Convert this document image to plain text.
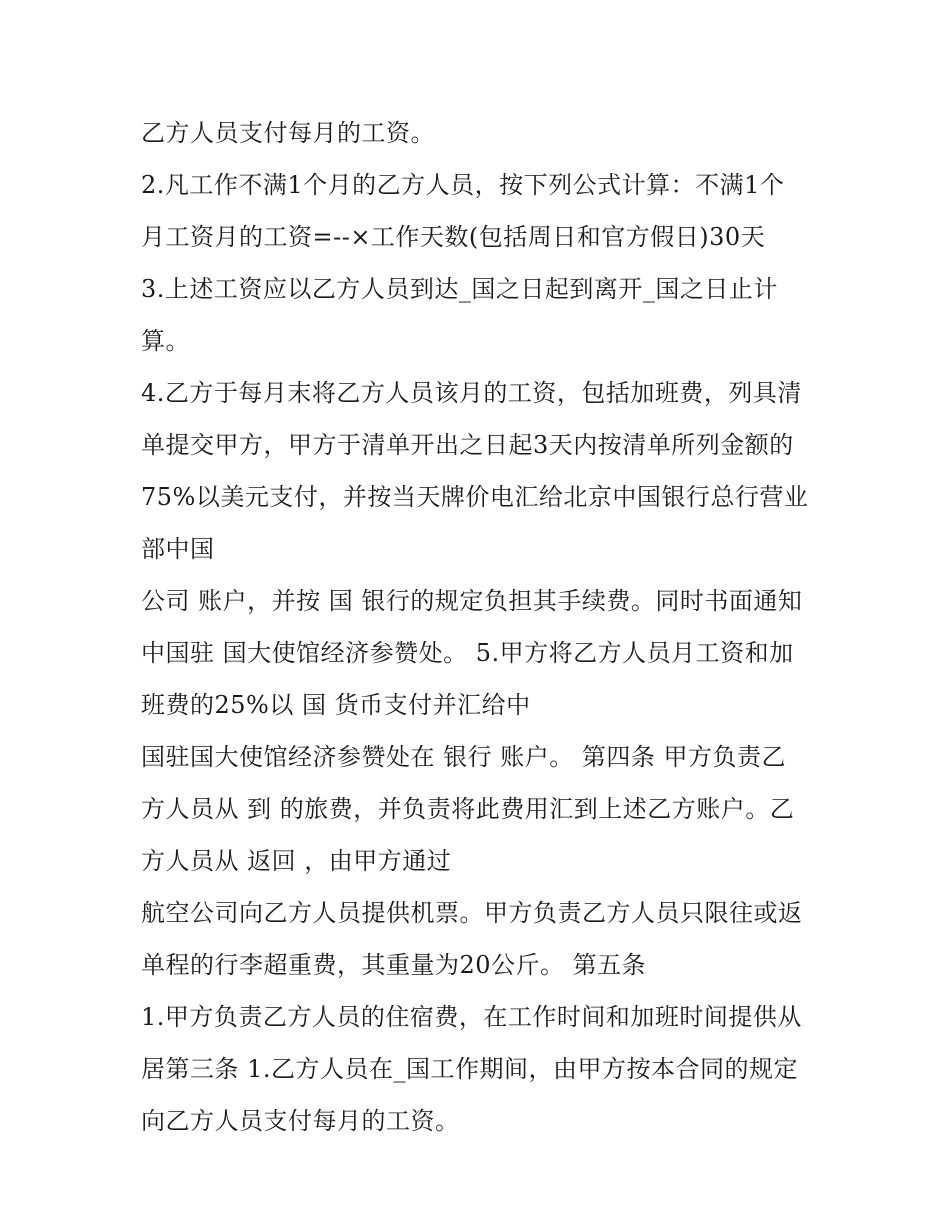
乙方人员支付每月的工资。
2.凡工作不满1个月的乙方人员，按下列公式计算：不满1个
月工资月的工资=--×工作天数(包括周日和官方假日)30天
3.上述工资应以乙方人员到达_国之日起到离开_国之日止计
算。
4.乙方于每月末将乙方人员该月的工资，包括加班费，列具清
单提交甲方，甲方于清单开出之日起3天内按清单所列金额的
75%以美元支付，并按当天牌价电汇给北京中国银行总行营业
部中国
公司 账户，并按 国 银行的规定负担其手续费。同时书面通知
中国驻 国大使馆经济参赞处。 5.甲方将乙方人员月工资和加
班费的25%以 国 货币支付并汇给中
国驻国大使馆经济参赞处在 银行 账户。 第四条 甲方负责乙
方人员从 到 的旅费，并负责将此费用汇到上述乙方账户。乙
方人员从 返回 ，由甲方通过
航空公司向乙方人员提供机票。甲方负责乙方人员只限往或返
单程的行李超重费，其重量为20公斤。 第五条
1.甲方负责乙方人员的住宿费，在工作时间和加班时间提供从
居第三条 1.乙方人员在_国工作期间，由甲方按本合同的规定
向乙方人员支付每月的工资。
